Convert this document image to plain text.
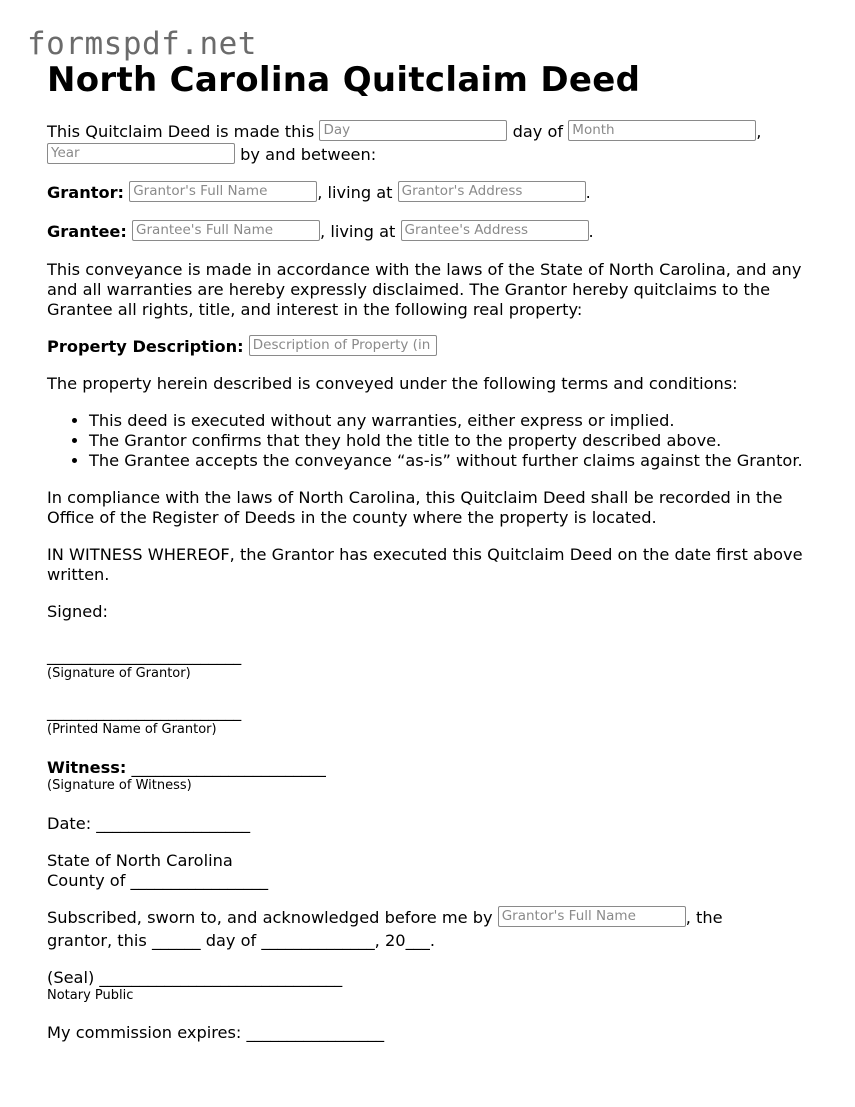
formspdf.net
North Carolina Quitclaim Deed

This Quitclaim Deed is made this Day	day of Month	,

Year	by and between:

Grantor: Grantor's Full Name	, living at Grantor's Address	.

Grantee: Grantee's Full Name	, living at Grantee's Address	.

This conveyance is made in accordance with the laws of the State of North Carolina, and any and all warranties are hereby expressly disclaimed. The Grantor hereby quitclaims to the Grantee all rights, title, and interest in the following real property:

Property Description: Description of Property (in

The property herein described is conveyed under the following terms and conditions:

• This deed is executed without any warranties, either express or implied.
• The Grantor confirms that they hold the title to the property described above.
• The Grantee accepts the conveyance “as-is” without further claims against the Grantor.

In compliance with the laws of North Carolina, this Quitclaim Deed shall be recorded in the Office of the Register of Deeds in the county where the property is located.

IN WITNESS WHEREOF, the Grantor has executed this Quitclaim Deed on the date first above written.

Signed:

________________________

(Signature of Grantor)

________________________

(Printed Name of Grantor)

Witness: ________________________

(Signature of Witness)

Date: ___________________

State of North Carolina

County of _________________

Subscribed, sworn to, and acknowledged before me by Grantor's Full Name	, the

grantor, this ______ day of ______________, 20___.

(Seal) ______________________________

Notary Public

My commission expires: _________________
